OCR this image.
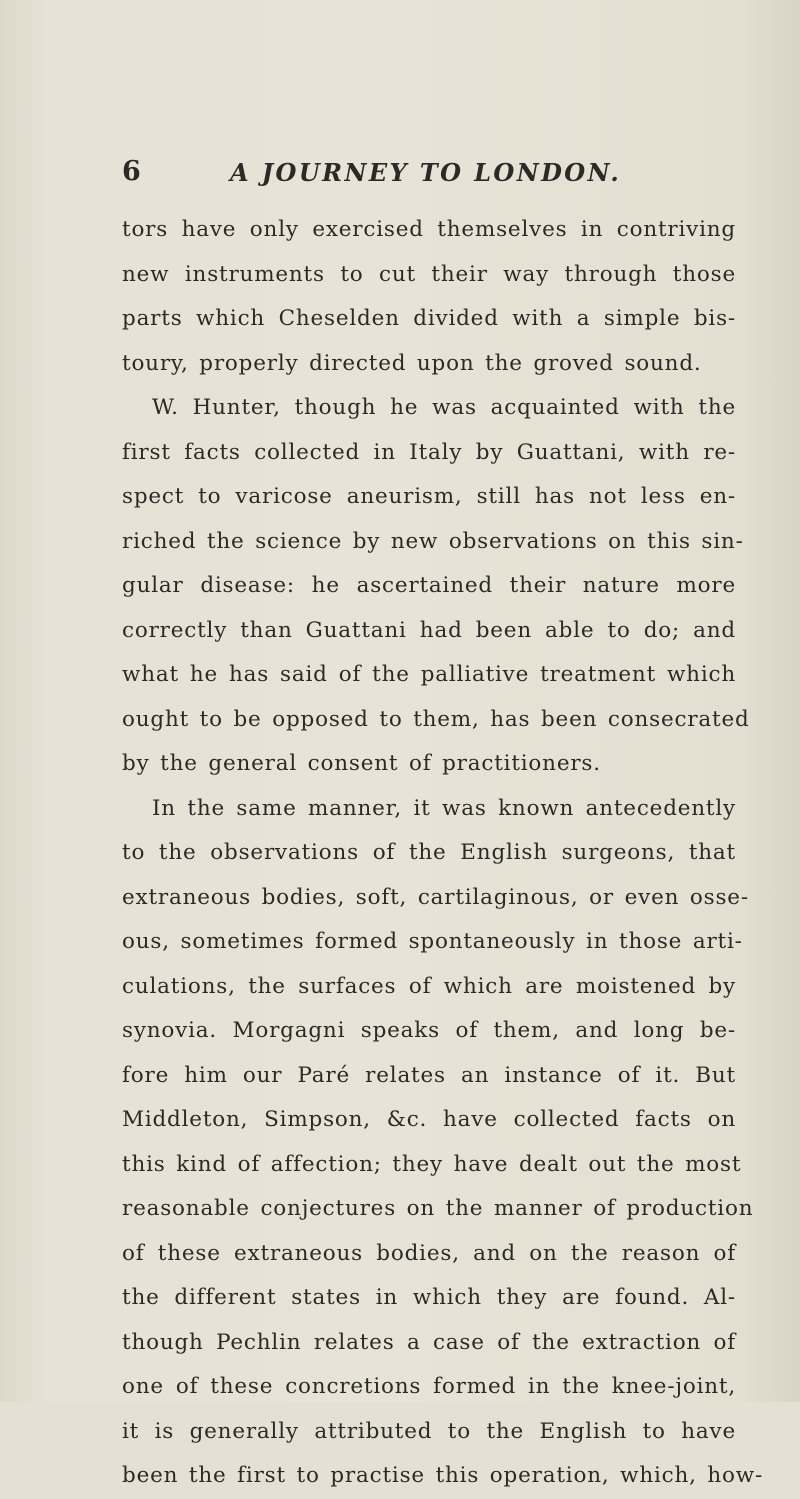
6	A JOURNEY TO LONDON.
tors have only exercised themselves in contriving
new instruments to cut their way through those
parts which Cheselden divided with a simple bis-
toury, properly directed upon the groved sound.
W. Hunter, though he was acquainted with the
first facts collected in Italy by Guattani, with re-
spect to varicose aneurism, still has not less en-
riched the science by new observations on this sin-
gular disease: he ascertained their nature more
correctly than Guattani had been able to do; and
what he has said of the palliative treatment which
ought to be opposed to them, has been consecrated
by the general consent of practitioners.
In the same manner, it was known antecedently
to the observations of the English surgeons, that
extraneous bodies, soft, cartilaginous, or even osse-
ous, sometimes formed spontaneously in those arti-
culations, the surfaces of which are moistened by
synovia. Morgagni speaks of them, and long be-
fore him our Paré relates an instance of it. But
Middleton, Simpson, &c. have collected facts on
this kind of affection; they have dealt out the most
reasonable conjectures on the manner of production
of these extraneous bodies, and on the reason of
the different states in which they are found. Al-
though Pechlin relates a case of the extraction of
one of these concretions formed in the knee-joint,
it is generally attributed to the English to have
been the first to practise this operation, which, how-
